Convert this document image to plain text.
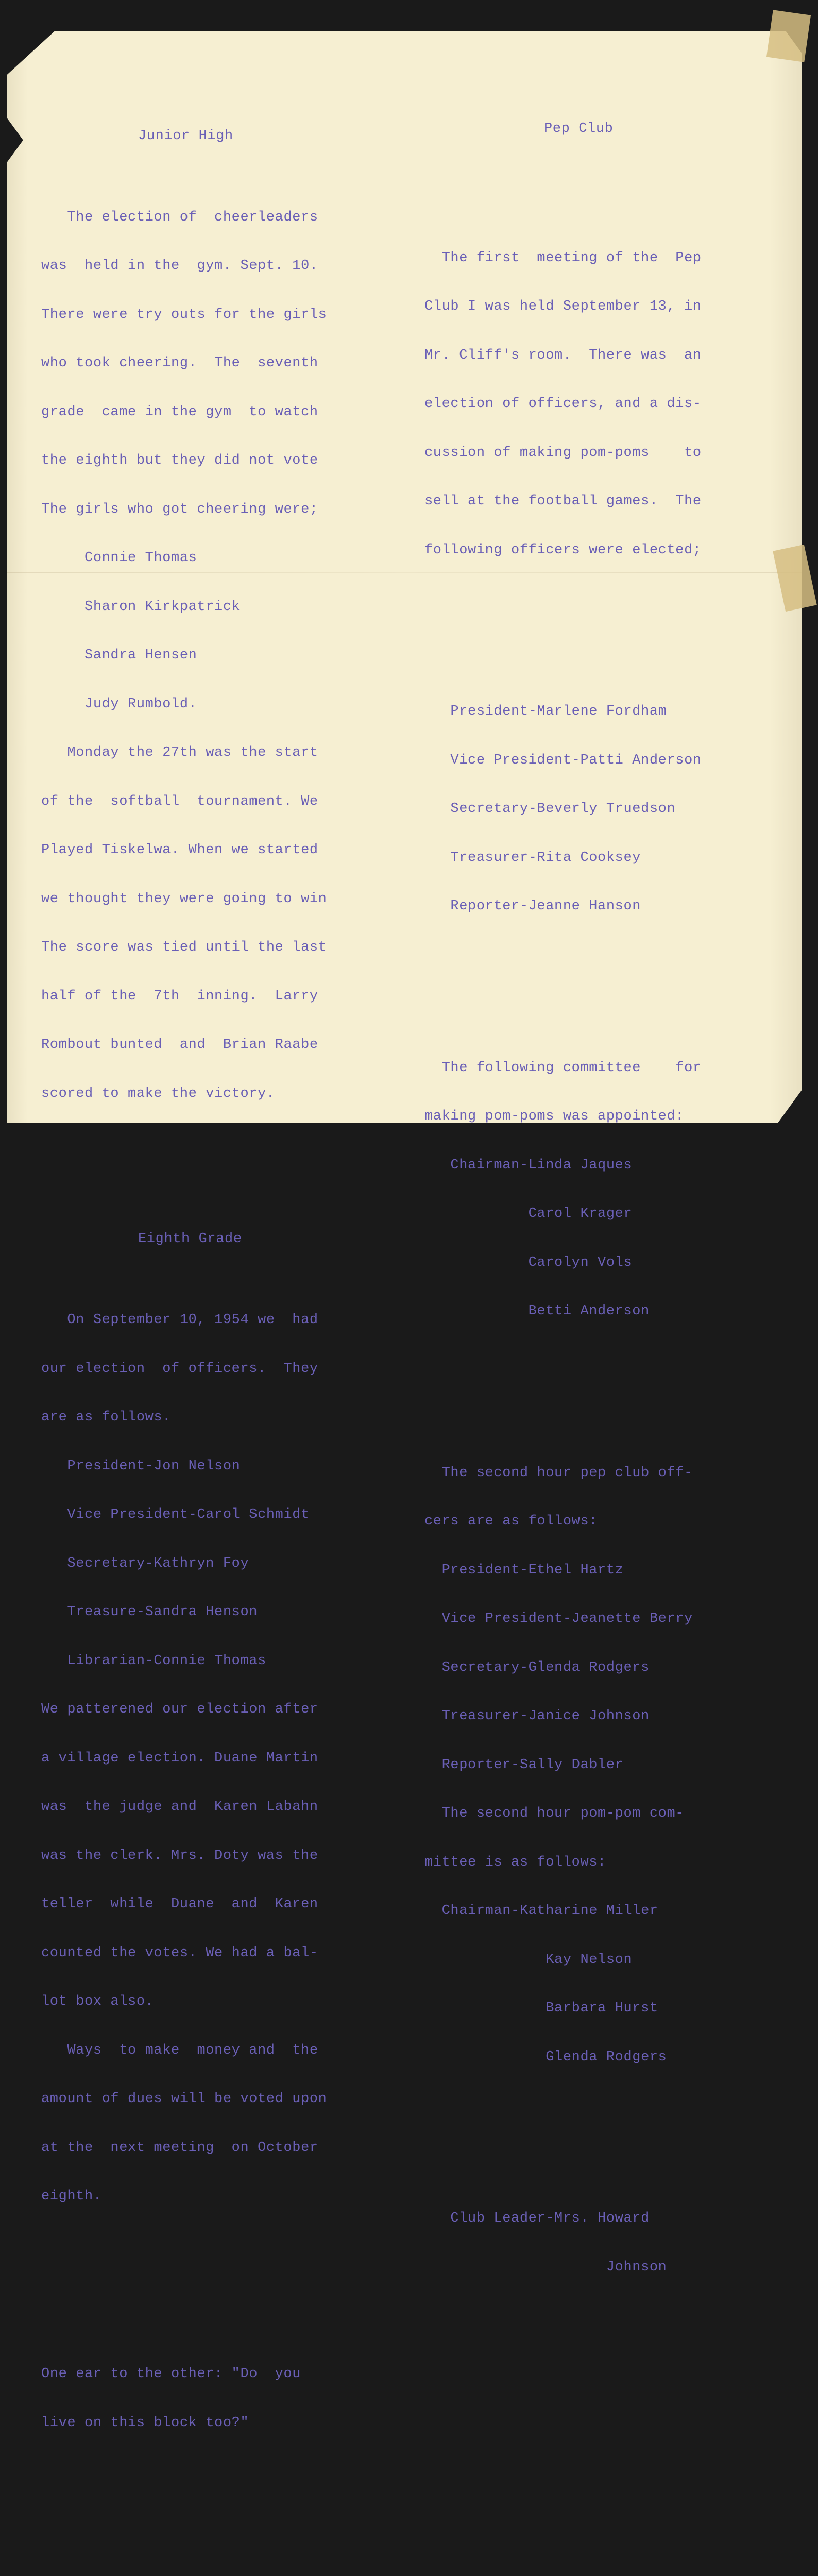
Junior High

The election of  cheerleaders

was  held in the  gym. Sept. 10.

There were try outs for the girls

who took cheering.  The  seventh

grade  came in the gym  to watch

the eighth but they did not vote

The girls who got cheering were;

Connie Thomas

Sharon Kirkpatrick

Sandra Hensen

Judy Rumbold.

Monday the 27th was the start

of the  softball  tournament. We

Played Tiskelwa. When we started

we thought they were going to win

The score was tied until the last

half of the  7th  inning.  Larry

Rombout bunted  and  Brian Raabe

scored to make the victory.

Eighth Grade

On September 10, 1954 we  had

our election  of officers.  They

are as follows.

President-Jon Nelson

Vice President-Carol Schmidt

Secretary-Kathryn Foy

Treasure-Sandra Henson

Librarian-Connie Thomas

We patterened our election after

a village election. Duane Martin

was  the judge and  Karen Labahn

was the clerk. Mrs. Doty was the

teller  while  Duane  and  Karen

counted the votes. We had a bal-

lot box also.

Ways  to make  money and  the

amount of dues will be voted upon

at the  next meeting  on October

eighth.

One ear to the other: "Do  you

live on this block too?"

Pep Club

The first  meeting of the  Pep

Club I was held September 13, in

Mr. Cliff's room.  There was  an

election of officers, and a dis-

cussion of making pom-poms    to

sell at the football games.  The

following officers were elected;

President-Marlene Fordham

Vice President-Patti Anderson

Secretary-Beverly Truedson

Treasurer-Rita Cooksey

Reporter-Jeanne Hanson

The following committee    for

making pom-poms was appointed:

Chairman-Linda Jaques

Carol Krager

Carolyn Vols

Betti Anderson

The second hour pep club off-

cers are as follows:

President-Ethel Hartz

Vice President-Jeanette Berry

Secretary-Glenda Rodgers

Treasurer-Janice Johnson

Reporter-Sally Dabler

The second hour pom-pom com-

mittee is as follows:

Chairman-Katharine Miller

Kay Nelson

Barbara Hurst

Glenda Rodgers

Club Leader-Mrs. Howard

Johnson
